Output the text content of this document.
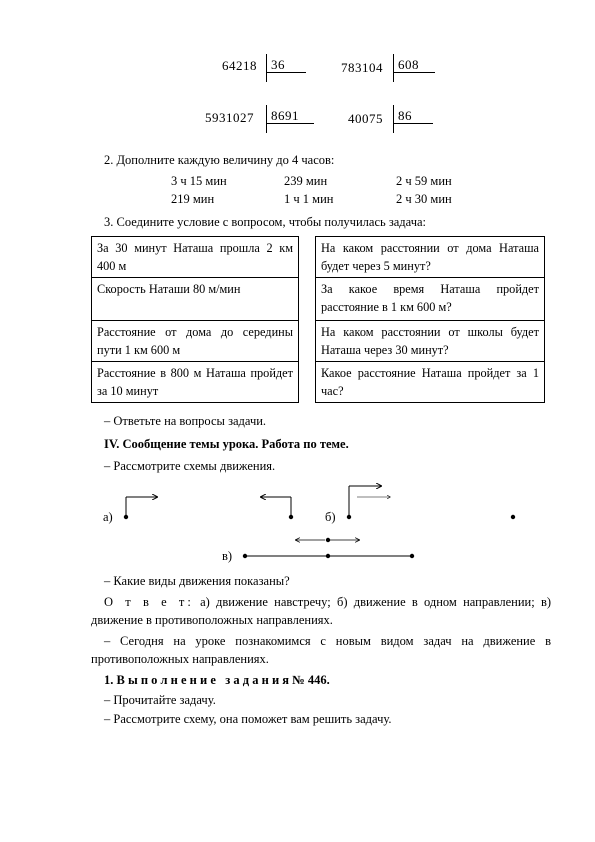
64218 36	783104 608
5931027 8691	40075 86
2. Дополните каждую величину до 4 часов:
3 ч 15 мин	239 мин	2 ч 59 мин
219 мин	1 ч 1 мин	2 ч 30 мин
3. Соедините условие с вопросом, чтобы получилась задача:
За 30 минут Наташа прошла 2 км 400 м
Скорость Наташи 80 м/мин
Расстояние от дома до середины пути 1 км 600 м
Расстояние в 800 м Наташа пройдет за 10 минут
На каком расстоянии от дома Наташа будет через 5 минут?
За какое время Наташа пройдет расстояние в 1 км 600 м?
На каком расстоянии от школы будет Наташа через 30 минут?
Какое расстояние Наташа пройдет за 1 час?
– Ответьте на вопросы задачи.
IV. Сообщение темы урока. Работа по теме.
– Рассмотрите схемы движения.
а)	б)
в)
– Какие виды движения показаны?
О т в е т: а) движение навстречу; б) движение в одном направлении; в)
движение в противоположных направлениях.
– Сегодня на уроке познакомимся с новым видом задач на движение в
противоположных направлениях.
1. В ы п о л н е н и е   з а д а н и я № 446.
– Прочитайте задачу.
– Рассмотрите схему, она поможет вам решить задачу.
